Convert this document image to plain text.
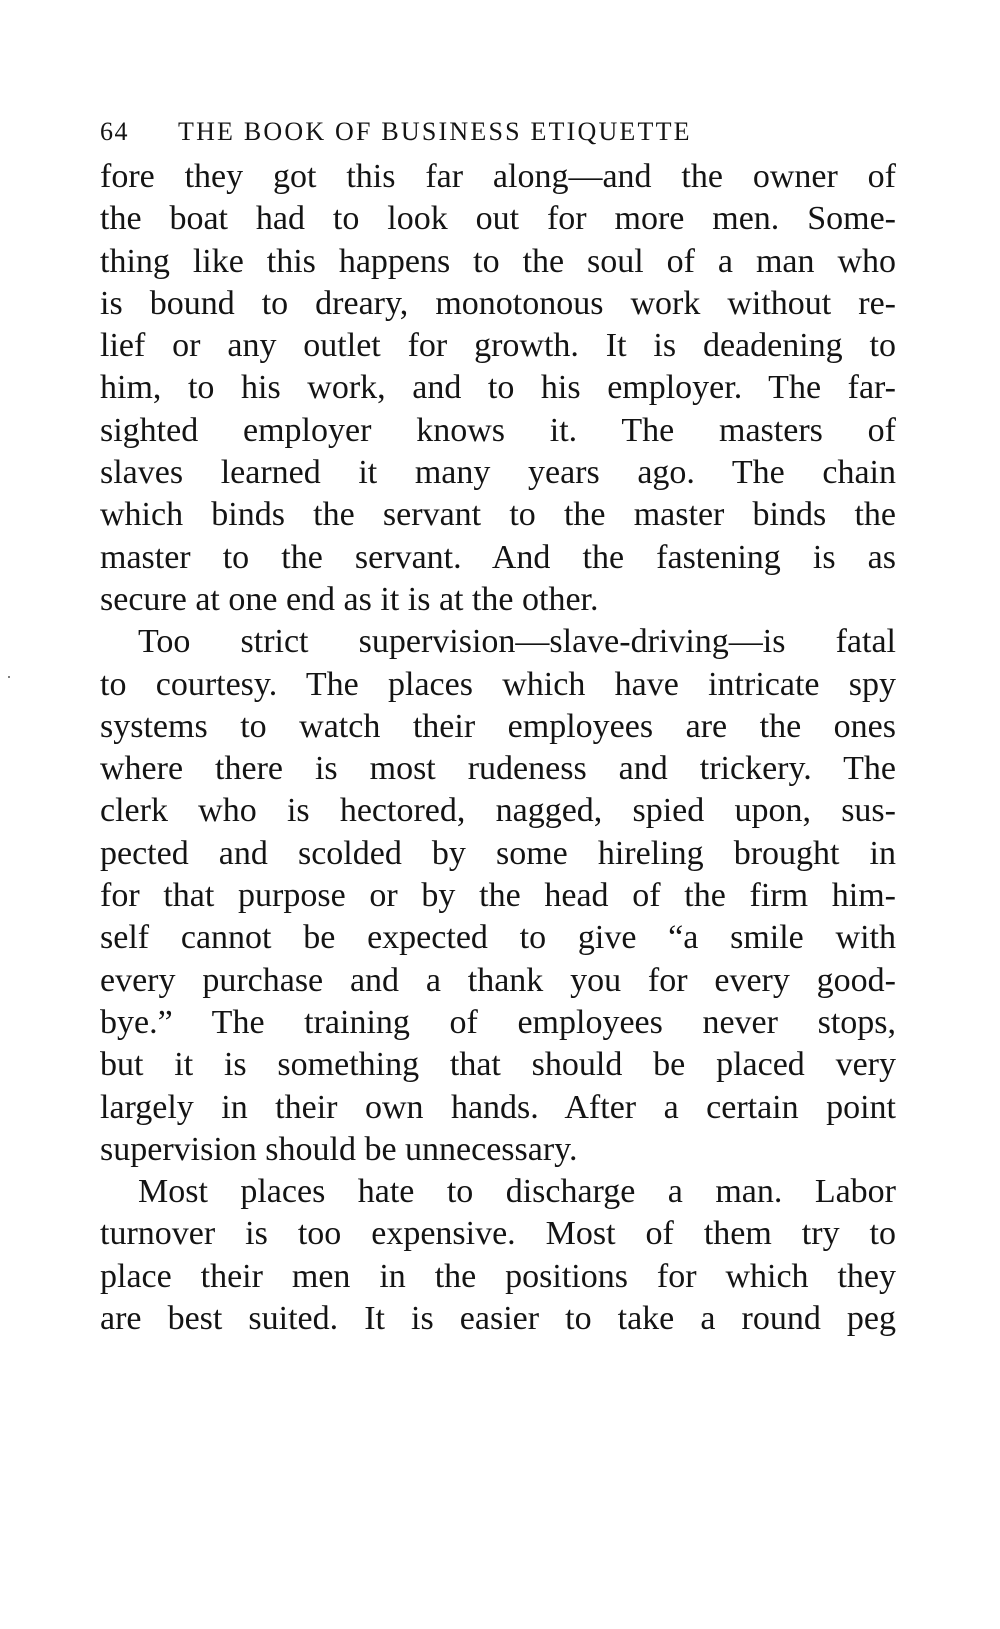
64 THE BOOK OF BUSINESS ETIQUETTE
fore they got this far along—and the owner of
the boat had to look out for more men. Some-
thing like this happens to the soul of a man who
is bound to dreary, monotonous work without re-
lief or any outlet for growth. It is deadening to
him, to his work, and to his employer. The far-
sighted employer knows it. The masters of
slaves learned it many years ago. The chain
which binds the servant to the master binds the
master to the servant. And the fastening is as
secure at one end as it is at the other.
Too strict supervision—slave-driving—is fatal
to courtesy. The places which have intricate spy
systems to watch their employees are the ones
where there is most rudeness and trickery. The
clerk who is hectored, nagged, spied upon, sus-
pected and scolded by some hireling brought in
for that purpose or by the head of the firm him-
self cannot be expected to give “a smile with
every purchase and a thank you for every good-
bye.” The training of employees never stops,
but it is something that should be placed very
largely in their own hands. After a certain point
supervision should be unnecessary.
Most places hate to discharge a man. Labor
turnover is too expensive. Most of them try to
place their men in the positions for which they
are best suited. It is easier to take a round peg
